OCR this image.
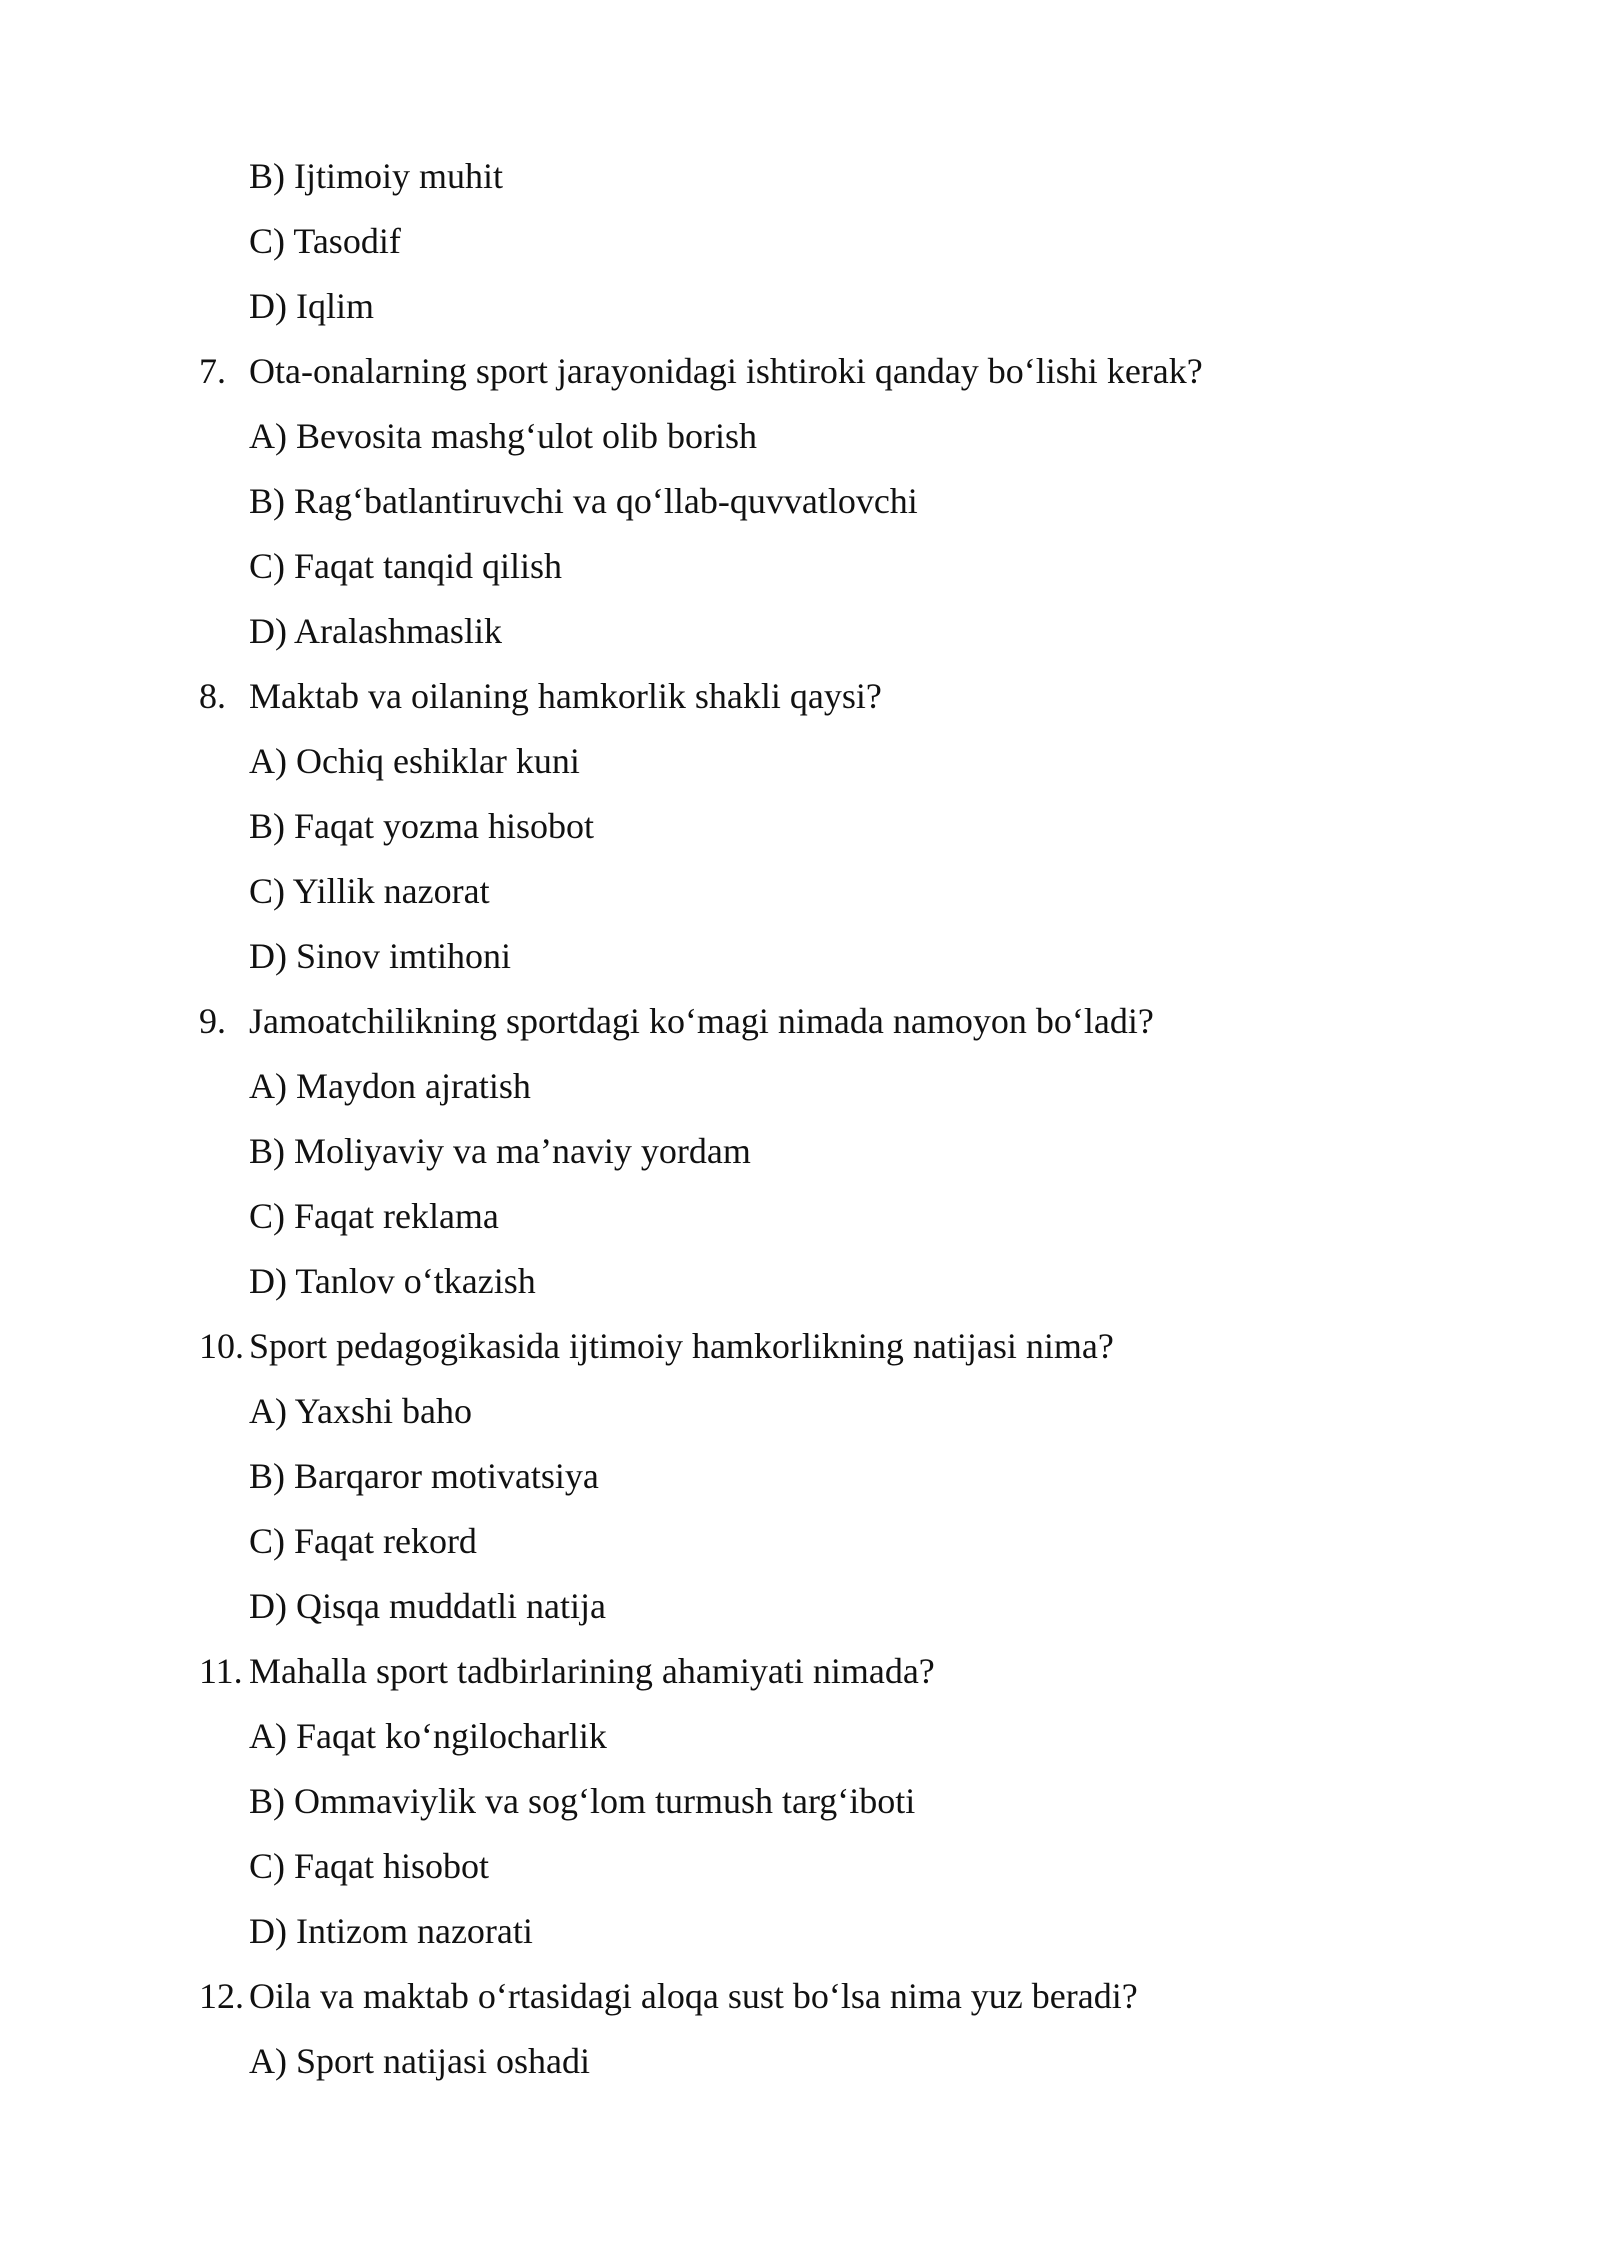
B) Ijtimoiy muhit
C) Tasodif
D) Iqlim
7. Ota-onalarning sport jarayonidagi ishtiroki qanday bo‘lishi kerak?
A) Bevosita mashg‘ulot olib borish
B) Rag‘batlantiruvchi va qo‘llab-quvvatlovchi
C) Faqat tanqid qilish
D) Aralashmaslik
8. Maktab va oilaning hamkorlik shakli qaysi?
A) Ochiq eshiklar kuni
B) Faqat yozma hisobot
C) Yillik nazorat
D) Sinov imtihoni
9. Jamoatchilikning sportdagi ko‘magi nimada namoyon bo‘ladi?
A) Maydon ajratish
B) Moliyaviy va ma’naviy yordam
C) Faqat reklama
D) Tanlov o‘tkazish
10. Sport pedagogikasida ijtimoiy hamkorlikning natijasi nima?
A) Yaxshi baho
B) Barqaror motivatsiya
C) Faqat rekord
D) Qisqa muddatli natija
11. Mahalla sport tadbirlarining ahamiyati nimada?
A) Faqat ko‘ngilocharlik
B) Ommaviylik va sog‘lom turmush targ‘iboti
C) Faqat hisobot
D) Intizom nazorati
12. Oila va maktab o‘rtasidagi aloqa sust bo‘lsa nima yuz beradi?
A) Sport natijasi oshadi
